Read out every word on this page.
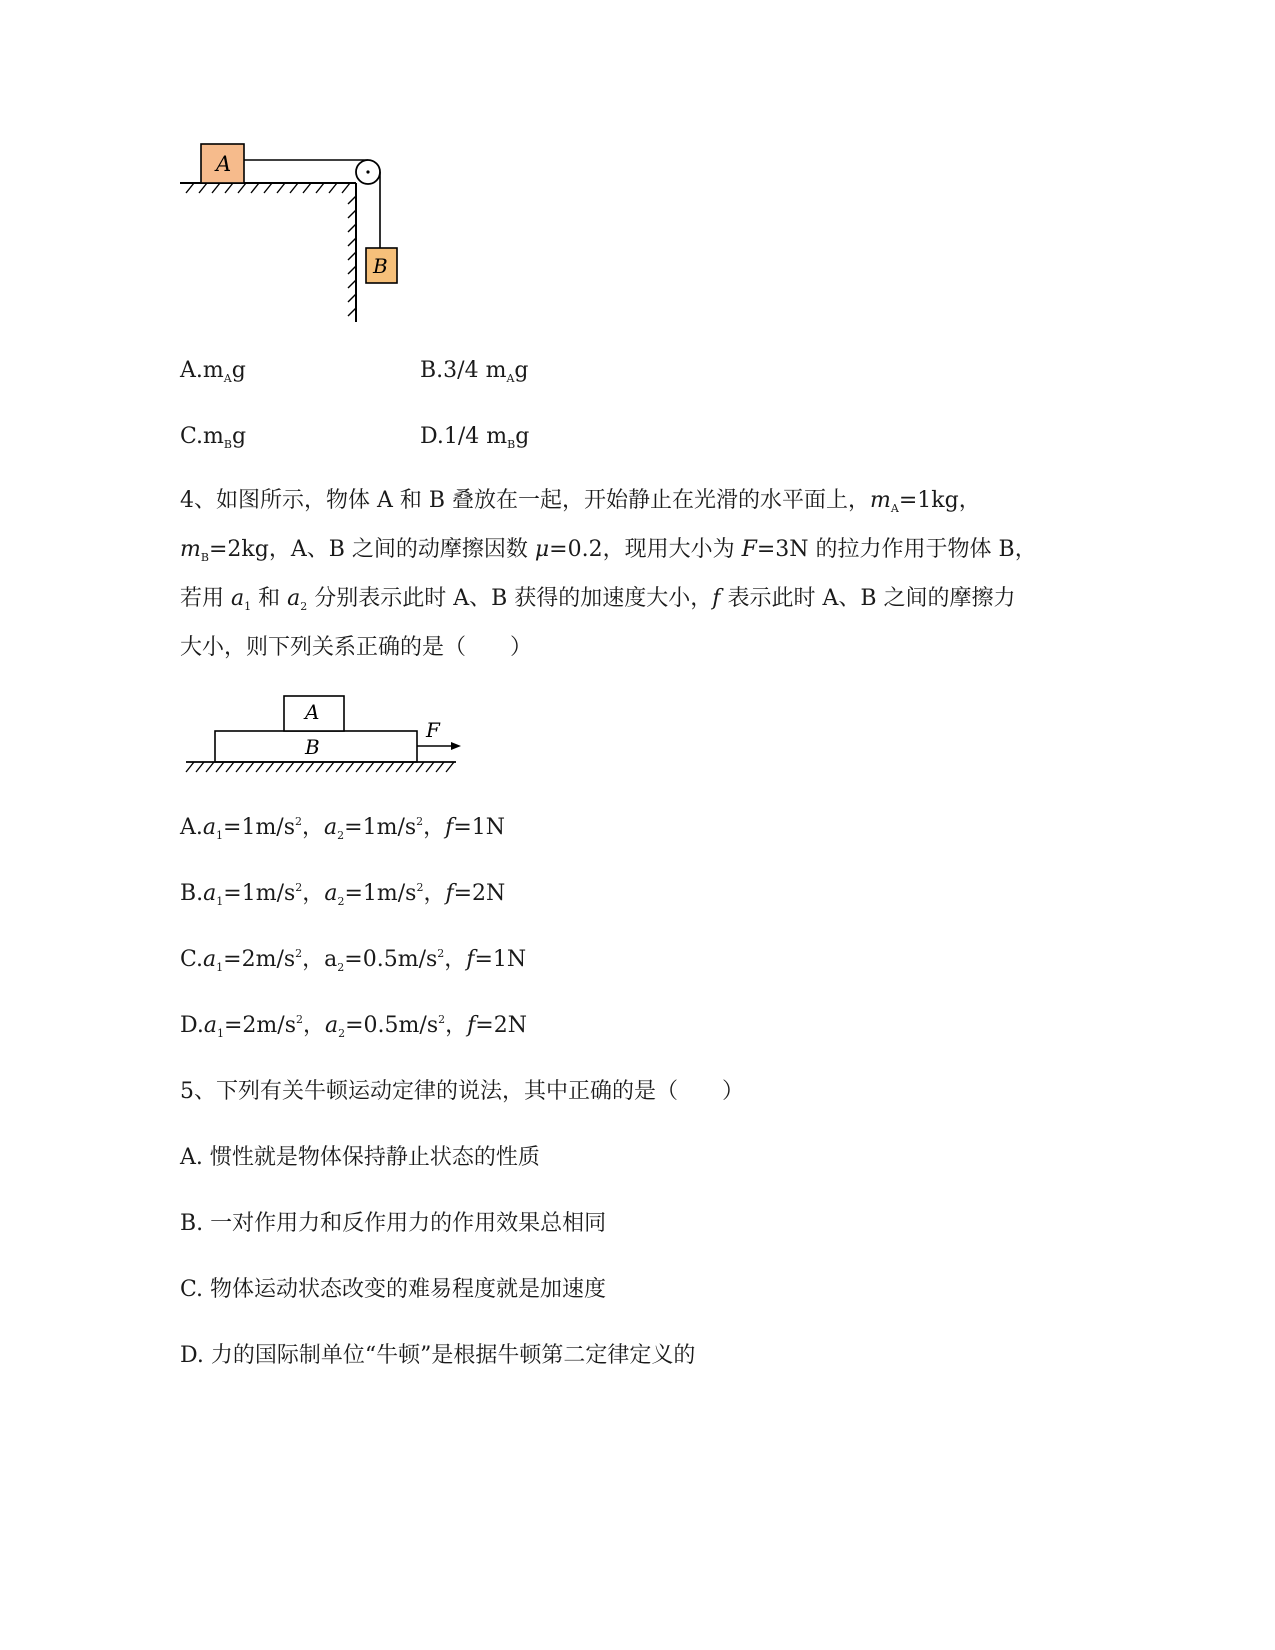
A
B
$A.m_Ag$	B.3/4 $m_Ag$
$C.m_Bg$	D.1/4 $m_Bg$
4、如图所示，物体 A 和 B 叠放在一起，开始静止在光滑的水平面上，$m_A=1kg$，
$m_B=2kg$，A、B 之间的动摩擦因数 μ=0.2，现用大小为 F=3N 的拉力作用于物体 B，
若用 $a_1$ 和 $a_2$ 分别表示此时 A、B 获得的加速度大小，f 表示此时 A、B 之间的摩擦力
大小，则下列关系正确的是（　　）
B
A
F
$A.a_1=1m/s^2$，$a_2=1m/s^2$，f=1N
$B.a_1=1m/s^2$，$a_2=1m/s^2$，f=2N
$C.a_1=2m/s^2$，$a_2=0.5m/s^2$，f=1N
$D.a_1=2m/s^2$，$a_2=0.5m/s^2$，f=2N
5、下列有关牛顿运动定律的说法，其中正确的是（　　）
A. 惯性就是物体保持静止状态的性质
B. 一对作用力和反作用力的作用效果总相同
C. 物体运动状态改变的难易程度就是加速度
D. 力的国际制单位“牛顿”是根据牛顿第二定律定义的
